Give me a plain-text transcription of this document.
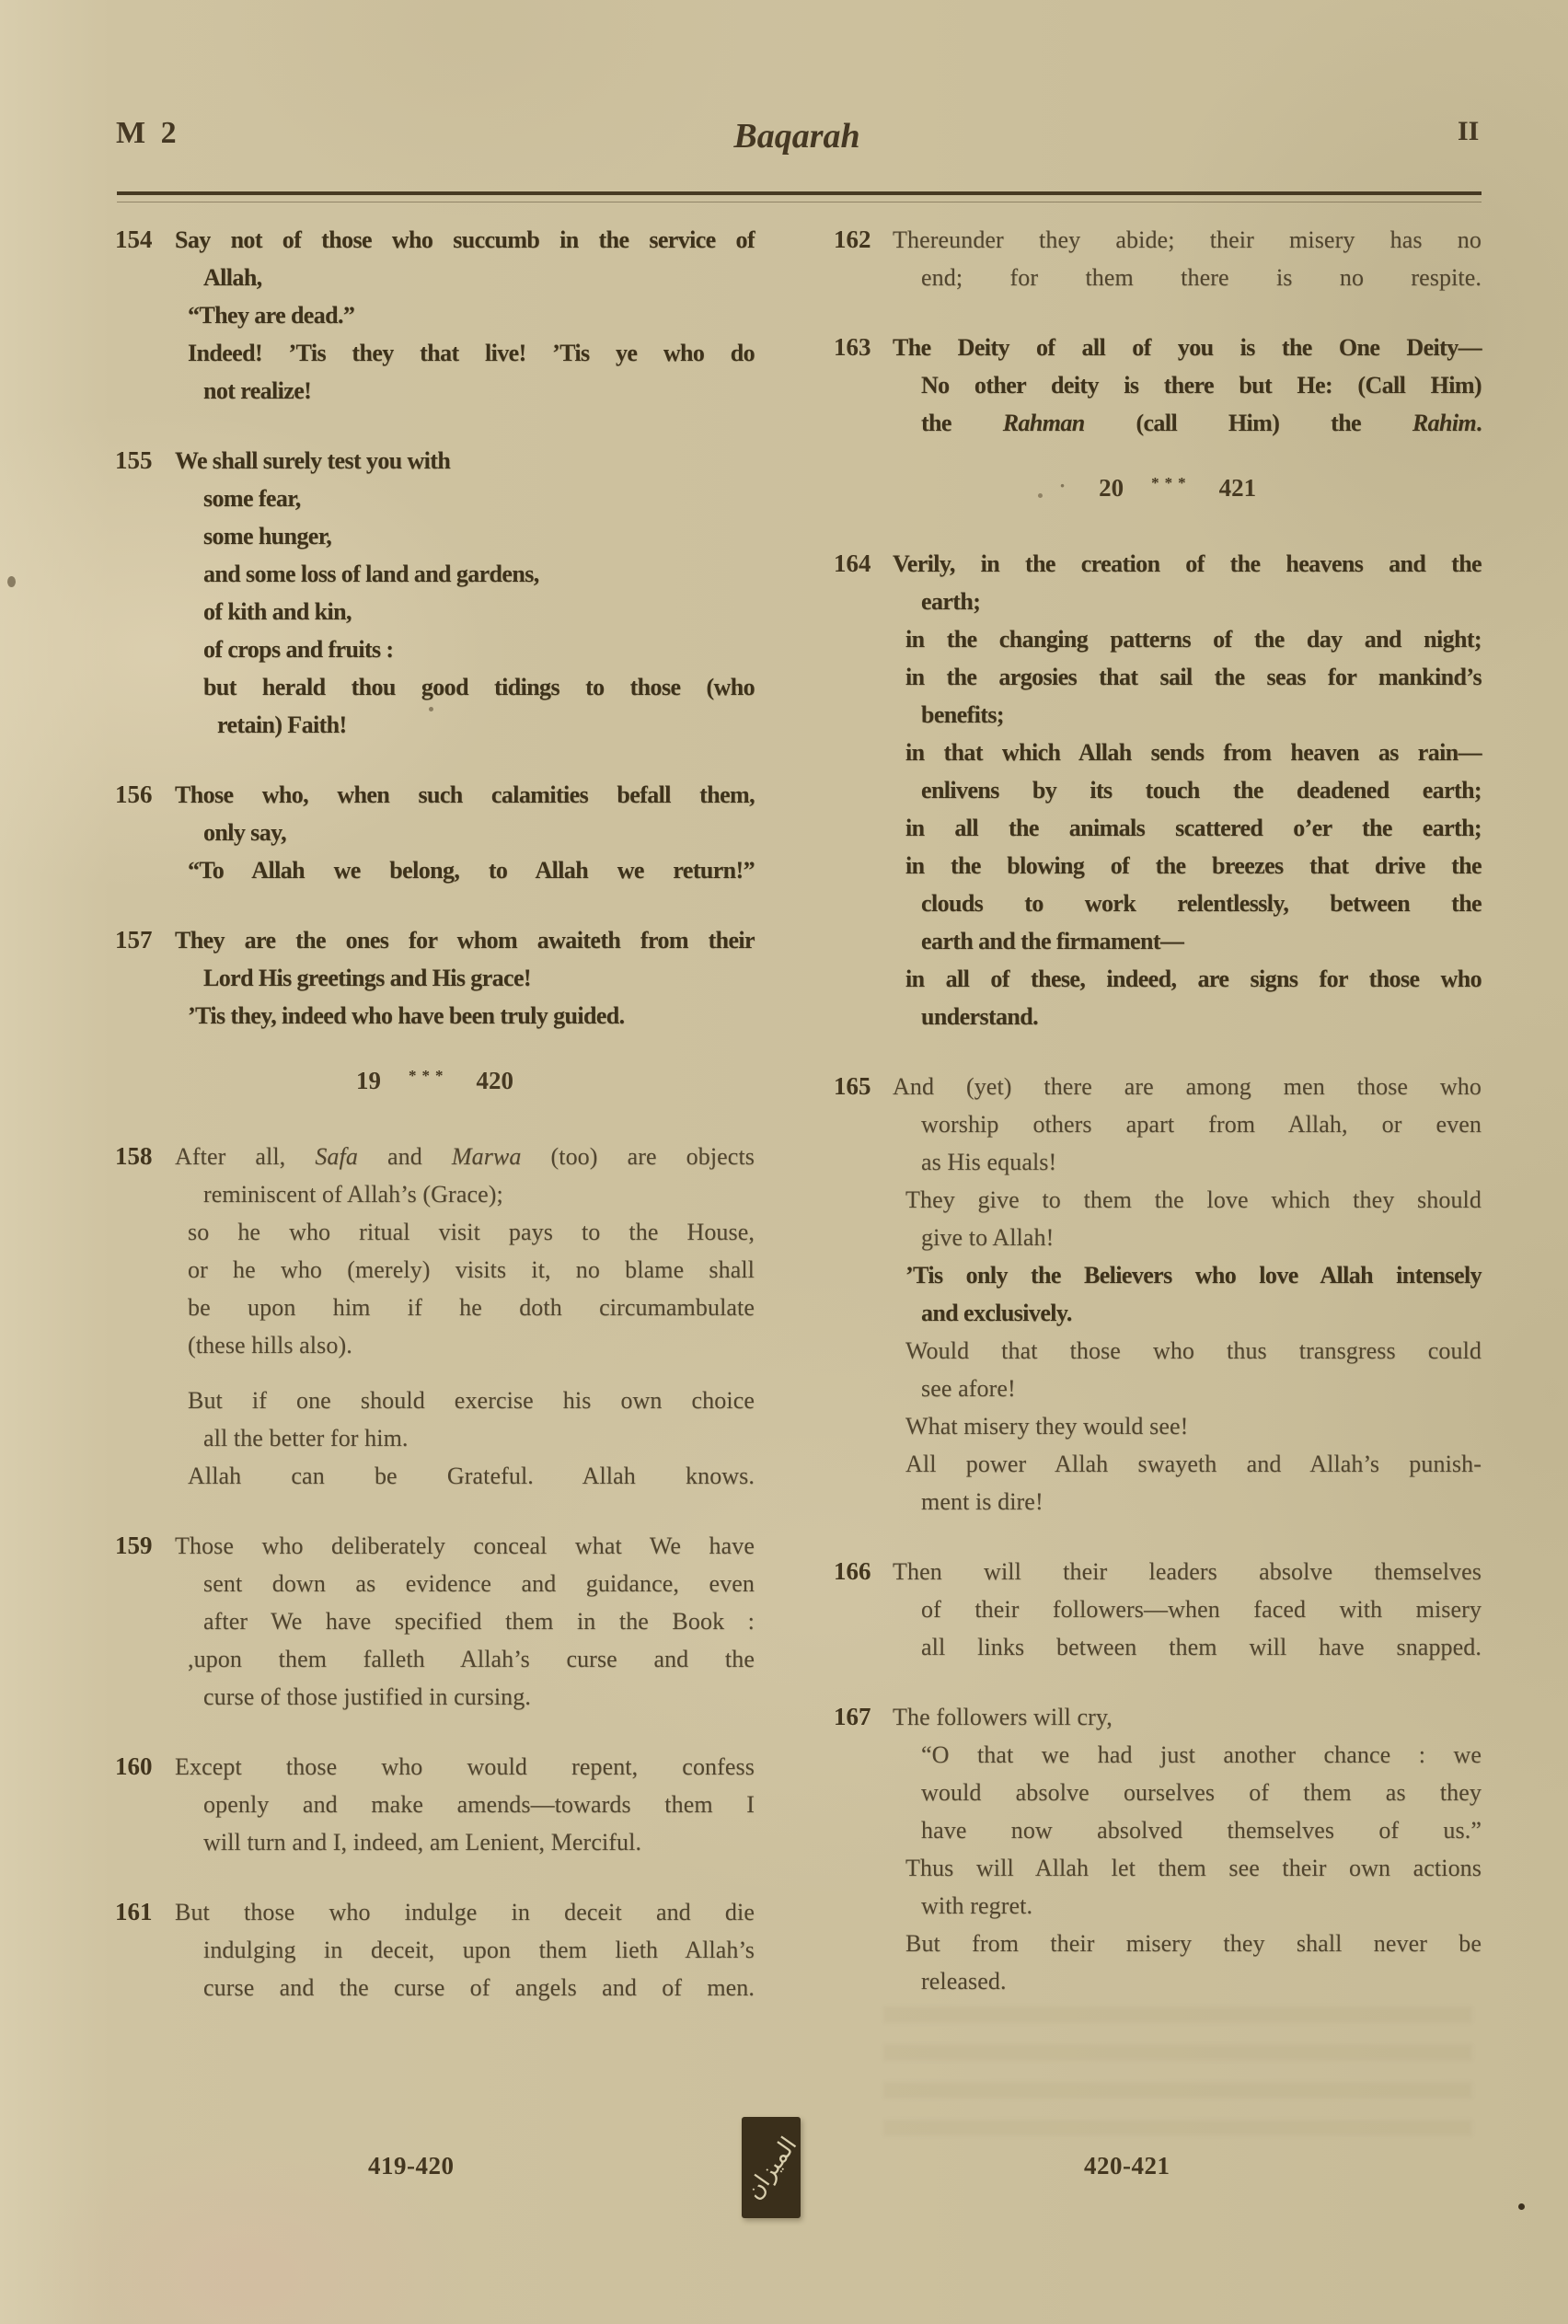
M 2	Baqarah	II
154 Say not of those who succumb in the service of
Allah,
“They are dead.”
Indeed! ’Tis they that live! ’Tis ye who do
not realize!
155 We shall surely test you with
some fear,
some hunger,
and some loss of land and gardens,
of kith and kin,
of crops and fruits :
but herald thou good tidings to those (who
retain) Faith!
156 Those who, when such calamities befall them,
only say,
“To Allah we belong, to Allah we return!”
157 They are the ones for whom awaiteth from their
Lord His greetings and His grace!
’Tis they, indeed who have been truly guided.
19 *** 420
158 After all, Safa and Marwa (too) are objects
reminiscent of Allah’s (Grace);
so he who ritual visit pays to the House,
or he who (merely) visits it, no blame shall
be upon him if he doth circumambulate
(these hills also).
But if one should exercise his own choice
all the better for him.
Allah can be Grateful. Allah knows.
159 Those who deliberately conceal what We have
sent down as evidence and guidance, even
after We have specified them in the Book :
,upon them falleth Allah’s curse and the
curse of those justified in cursing.
160 Except those who would repent, confess
openly and make amends—towards them I
will turn and I, indeed, am Lenient, Merciful.
161 But those who indulge in deceit and die
indulging in deceit, upon them lieth Allah’s
curse and the curse of angels and of men.
162 Thereunder they abide; their misery has no
end; for them there is no respite.
163 The Deity of all of you is the One Deity—
No other deity is there but He: (Call Him)
the Rahman (call Him) the Rahim.
· 20 *** 421
164 Verily, in the creation of the heavens and the
earth;
in the changing patterns of the day and night;
in the argosies that sail the seas for mankind’s
benefits;
in that which Allah sends from heaven as rain—
enlivens by its touch the deadened earth;
in all the animals scattered o’er the earth;
in the blowing of the breezes that drive the
clouds to work relentlessly, between the
earth and the firmament—
in all of these, indeed, are signs for those who
understand.
165 And (yet) there are among men those who
worship others apart from Allah, or even
as His equals!
They give to them the love which they should
give to Allah!
’Tis only the Believers who love Allah intensely
and exclusively.
Would that those who thus transgress could
see afore!
What misery they would see!
All power Allah swayeth and Allah’s punish-
ment is dire!
166 Then will their leaders absolve themselves
of their followers—when faced with misery
all links between them will have snapped.
167 The followers will cry,
“O that we had just another chance : we
would absolve ourselves of them as they
have now absolved themselves of us.”
Thus will Allah let them see their own actions
with regret.
But from their misery they shall never be
released.
419-420	الميزان	420-421
